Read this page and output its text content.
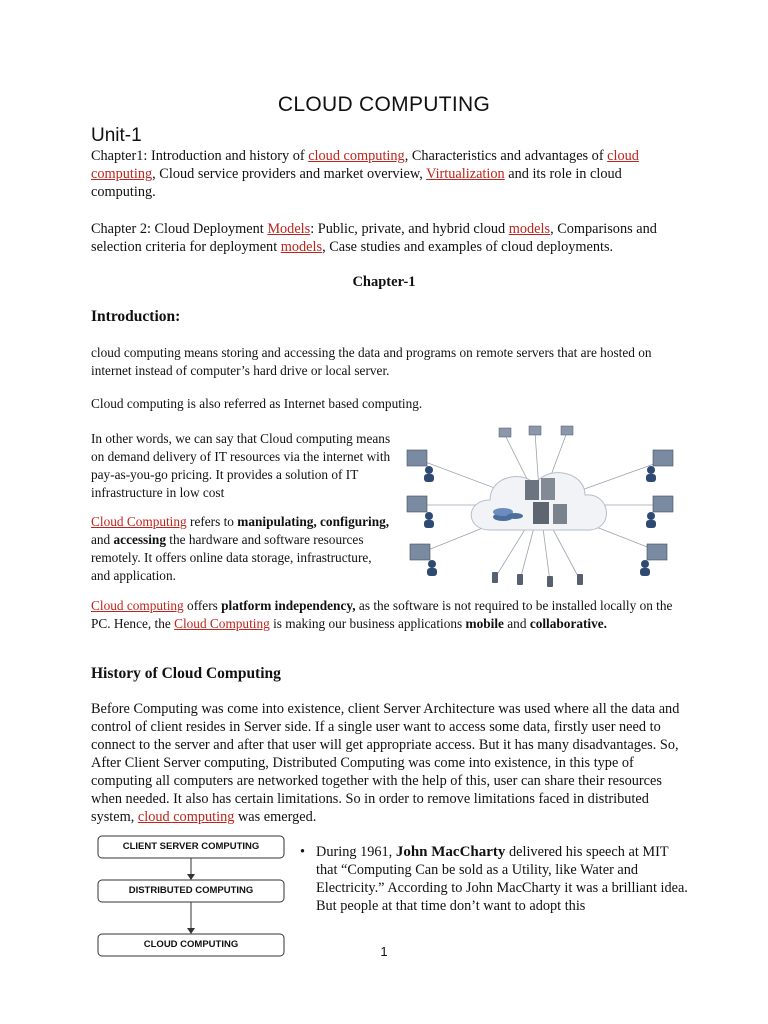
CLOUD COMPUTING
Unit-1
Chapter1: Introduction and history of cloud computing, Characteristics and advantages of cloud computing, Cloud service providers and market overview, Virtualization and its role in cloud computing.
Chapter 2: Cloud Deployment Models: Public, private, and hybrid cloud models, Comparisons and selection criteria for deployment models, Case studies and examples of cloud deployments.
Chapter-1
Introduction:
cloud computing means storing and accessing the data and programs on remote servers that are hosted on internet instead of computer’s hard drive or local server.
Cloud computing is also referred as Internet based computing.
In other words, we can say that Cloud computing means on demand delivery of IT resources via the internet with pay-as-you-go pricing. It provides a solution of IT infrastructure in low cost
Cloud Computing refers to manipulating, configuring, and accessing the hardware and software resources remotely. It offers online data storage, infrastructure, and application.
Cloud computing offers platform independency, as the software is not required to be installed locally on the PC. Hence, the Cloud Computing is making our business applications mobile and collaborative.
History of Cloud Computing
Before Computing was come into existence, client Server Architecture was used where all the data and control of client resides in Server side. If a single user want to access some data, firstly user need to connect to the server and after that user will get appropriate access. But it has many disadvantages. So, After Client Server computing, Distributed Computing was come into existence, in this type of computing all computers are networked together with the help of this, user can share their resources when needed. It also has certain limitations. So in order to remove limitations faced in distributed system, cloud computing was emerged.
CLIENT SERVER COMPUTING
DISTRIBUTED COMPUTING
CLOUD COMPUTING
• During 1961, John MacCharty delivered his speech at MIT that “Computing Can be sold as a Utility, like Water and Electricity.” According to John MacCharty it was a brilliant idea. But people at that time don’t want to adopt this
1
